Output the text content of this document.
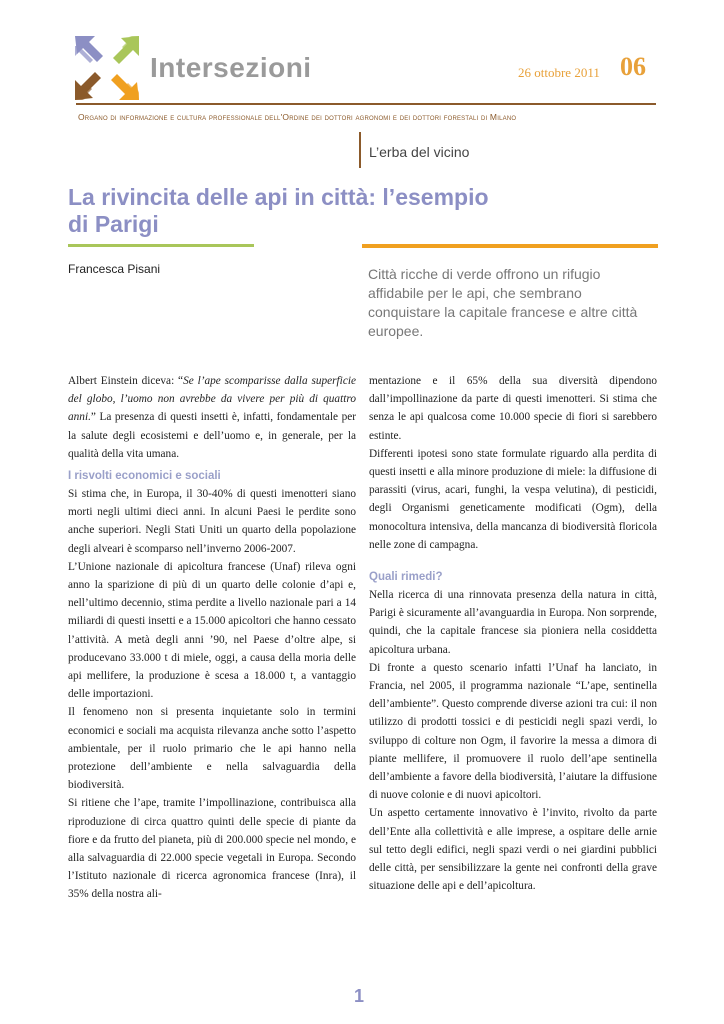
Intersezioni	26 ottobre 2011 06
Organo di informazione e cultura professionale dell'Ordine dei dottori agronomi e dei dottori forestali di Milano
L’erba del vicino
La rivincita delle api in città: l’esempio di Parigi
Francesca Pisani	Città ricche di verde offrono un rifugio affidabile per le api, che sembrano conquistare la capitale francese e altre città europee.

Albert Einstein diceva: “Se l’ape scomparisse dalla superficie del globo, l’uomo non avrebbe da vivere per più di quattro anni.” La presenza di questi insetti è, infatti, fondamentale per la salute degli ecosistemi e dell’uomo e, in generale, per la qualità della vita umana.

I risvolti economici e sociali

Si stima che, in Europa, il 30-40% di questi imenotteri siano morti negli ultimi dieci anni. In alcuni Paesi le perdite sono anche superiori. Negli Stati Uniti un quarto della popolazione degli alveari è scomparso nell’inverno 2006-2007.

L’Unione nazionale di apicoltura francese (Unaf) rileva ogni anno la sparizione di più di un quarto delle colonie d’api e, nell’ultimo decennio, stima perdite a livello nazionale pari a 14 miliardi di questi insetti e a 15.000 apicoltori che hanno cessato l’attività. A metà degli anni ’90, nel Paese d’oltre alpe, si producevano 33.000 t di miele, oggi, a causa della moria delle api mellifere, la produzione è scesa a 18.000 t, a vantaggio delle importazioni.

Il fenomeno non si presenta inquietante solo in termini economici e sociali ma acquista rilevanza anche sotto l’aspetto ambientale, per il ruolo primario che le api hanno nella protezione dell’ambiente e nella salvaguardia della biodiversità.

Si ritiene che l’ape, tramite l’impollinazione, contribuisca alla riproduzione di circa quattro quinti delle specie di piante da fiore e da frutto del pianeta, più di 200.000 specie nel mondo, e alla salvaguardia di 22.000 specie vegetali in Europa. Secondo l’Istituto nazionale di ricerca agronomica francese (Inra), il 35% della nostra ali-

mentazione e il 65% della sua diversità dipendono dall’impollinazione da parte di questi imenotteri. Si stima che senza le api qualcosa come 10.000 specie di fiori si sarebbero estinte.

Differenti ipotesi sono state formulate riguardo alla perdita di questi insetti e alla minore produzione di miele: la diffusione di parassiti (virus, acari, funghi, la vespa velutina), di pesticidi, degli Organismi geneticamente modificati (Ogm), della monocoltura intensiva, della mancanza di biodiversità floricola nelle zone di campagna.

Quali rimedi?

Nella ricerca di una rinnovata presenza della natura in città, Parigi è sicuramente all’avanguardia in Europa. Non sorprende, quindi, che la capitale francese sia pioniera nella cosiddetta apicoltura urbana.

Di fronte a questo scenario infatti l’Unaf ha lanciato, in Francia, nel 2005, il programma nazionale “L’ape, sentinella dell’ambiente”. Questo comprende diverse azioni tra cui: il non utilizzo di prodotti tossici e di pesticidi negli spazi verdi, lo sviluppo di colture non Ogm, il favorire la messa a dimora di piante mellifere, il promuovere il ruolo dell’ape sentinella dell’ambiente a favore della biodiversità, l’aiutare la diffusione di nuove colonie e di nuovi apicoltori.

Un aspetto certamente innovativo è l’invito, rivolto da parte dell’Ente alla collettività e alle imprese, a ospitare delle arnie sul tetto degli edifici, negli spazi verdi o nei giardini pubblici delle città, per sensibilizzare la gente nei confronti della grave situazione delle api e dell’apicoltura.

1
